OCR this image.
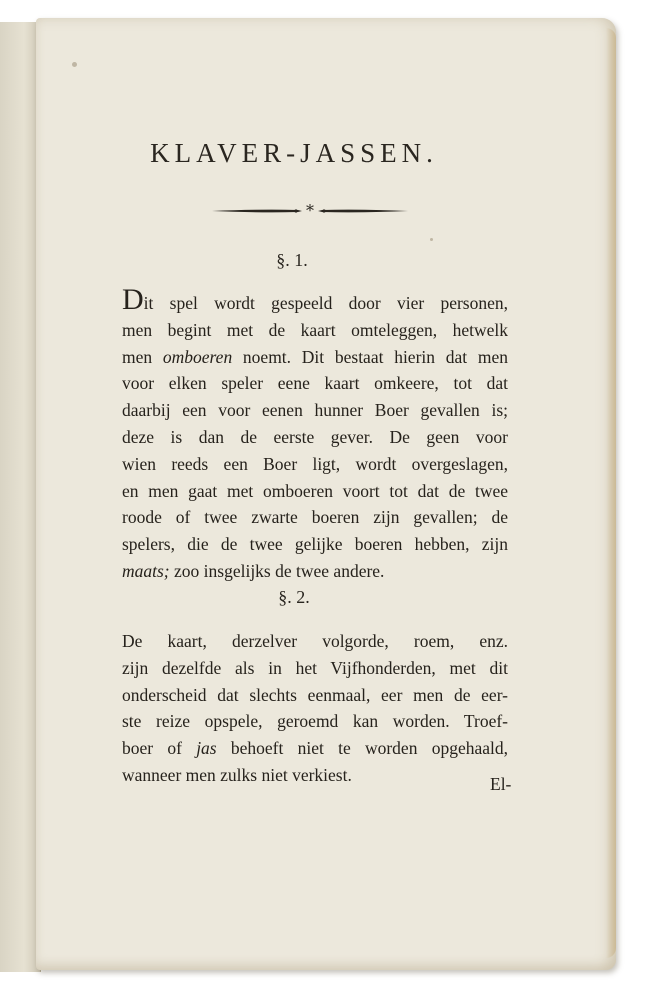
KLAVER-JASSEN.
*
§. 1.
Dit spel wordt gespeeld door vier personen,
men begint met de kaart omteleggen, hetwelk
men omboeren noemt. Dit bestaat hierin dat men
voor elken speler eene kaart omkeere, tot dat
daarbij een voor eenen hunner Boer gevallen is;
deze is dan de eerste gever. De geen voor
wien reeds een Boer ligt, wordt overgeslagen,
en men gaat met omboeren voort tot dat de twee
roode of twee zwarte boeren zijn gevallen; de
spelers, die de twee gelijke boeren hebben, zijn
maats; zoo insgelijks de twee andere.
§. 2.
De kaart, derzelver volgorde, roem, enz.
zijn dezelfde als in het Vijfhonderden, met dit
onderscheid dat slechts eenmaal, eer men de eer-
ste reize opspele, geroemd kan worden. Troef-
boer of jas behoeft niet te worden opgehaald,
wanneer men zulks niet verkiest.	El-
